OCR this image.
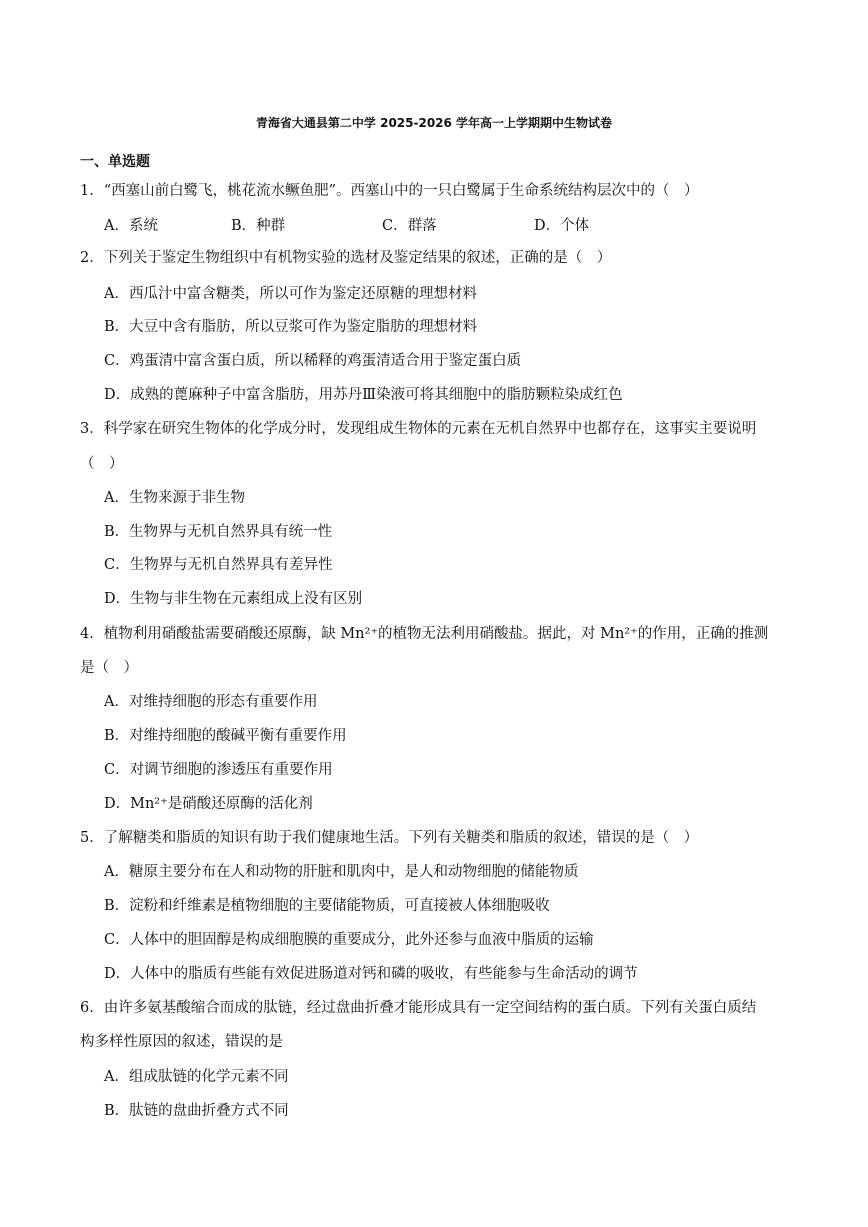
青海省大通县第二中学 2025-2026 学年高一上学期期中生物试卷
一、单选题
1．“西塞山前白鹭飞，桃花流水鳜鱼肥”。西塞山中的一只白鹭属于生命系统结构层次中的（　）
A．系统	B．种群	C．群落	D．个体
2．下列关于鉴定生物组织中有机物实验的选材及鉴定结果的叙述，正确的是（　）
A．西瓜汁中富含糖类，所以可作为鉴定还原糖的理想材料
B．大豆中含有脂肪，所以豆浆可作为鉴定脂肪的理想材料
C．鸡蛋清中富含蛋白质，所以稀释的鸡蛋清适合用于鉴定蛋白质
D．成熟的蓖麻种子中富含脂肪，用苏丹Ⅲ染液可将其细胞中的脂肪颗粒染成红色
3．科学家在研究生物体的化学成分时，发现组成生物体的元素在无机自然界中也都存在，这事实主要说明
（　）
A．生物来源于非生物
B．生物界与无机自然界具有统一性
C．生物界与无机自然界具有差异性
D．生物与非生物在元素组成上没有区别
4．植物利用硝酸盐需要硝酸还原酶，缺 Mn²⁺的植物无法利用硝酸盐。据此，对 Mn²⁺的作用，正确的推测
是（　）
A．对维持细胞的形态有重要作用
B．对维持细胞的酸碱平衡有重要作用
C．对调节细胞的渗透压有重要作用
D．Mn²⁺是硝酸还原酶的活化剂
5．了解糖类和脂质的知识有助于我们健康地生活。下列有关糖类和脂质的叙述，错误的是（　）
A．糖原主要分布在人和动物的肝脏和肌肉中，是人和动物细胞的储能物质
B．淀粉和纤维素是植物细胞的主要储能物质，可直接被人体细胞吸收
C．人体中的胆固醇是构成细胞膜的重要成分，此外还参与血液中脂质的运输
D．人体中的脂质有些能有效促进肠道对钙和磷的吸收，有些能参与生命活动的调节
6．由许多氨基酸缩合而成的肽链，经过盘曲折叠才能形成具有一定空间结构的蛋白质。下列有关蛋白质结
构多样性原因的叙述，错误的是
A．组成肽链的化学元素不同
B．肽链的盘曲折叠方式不同
